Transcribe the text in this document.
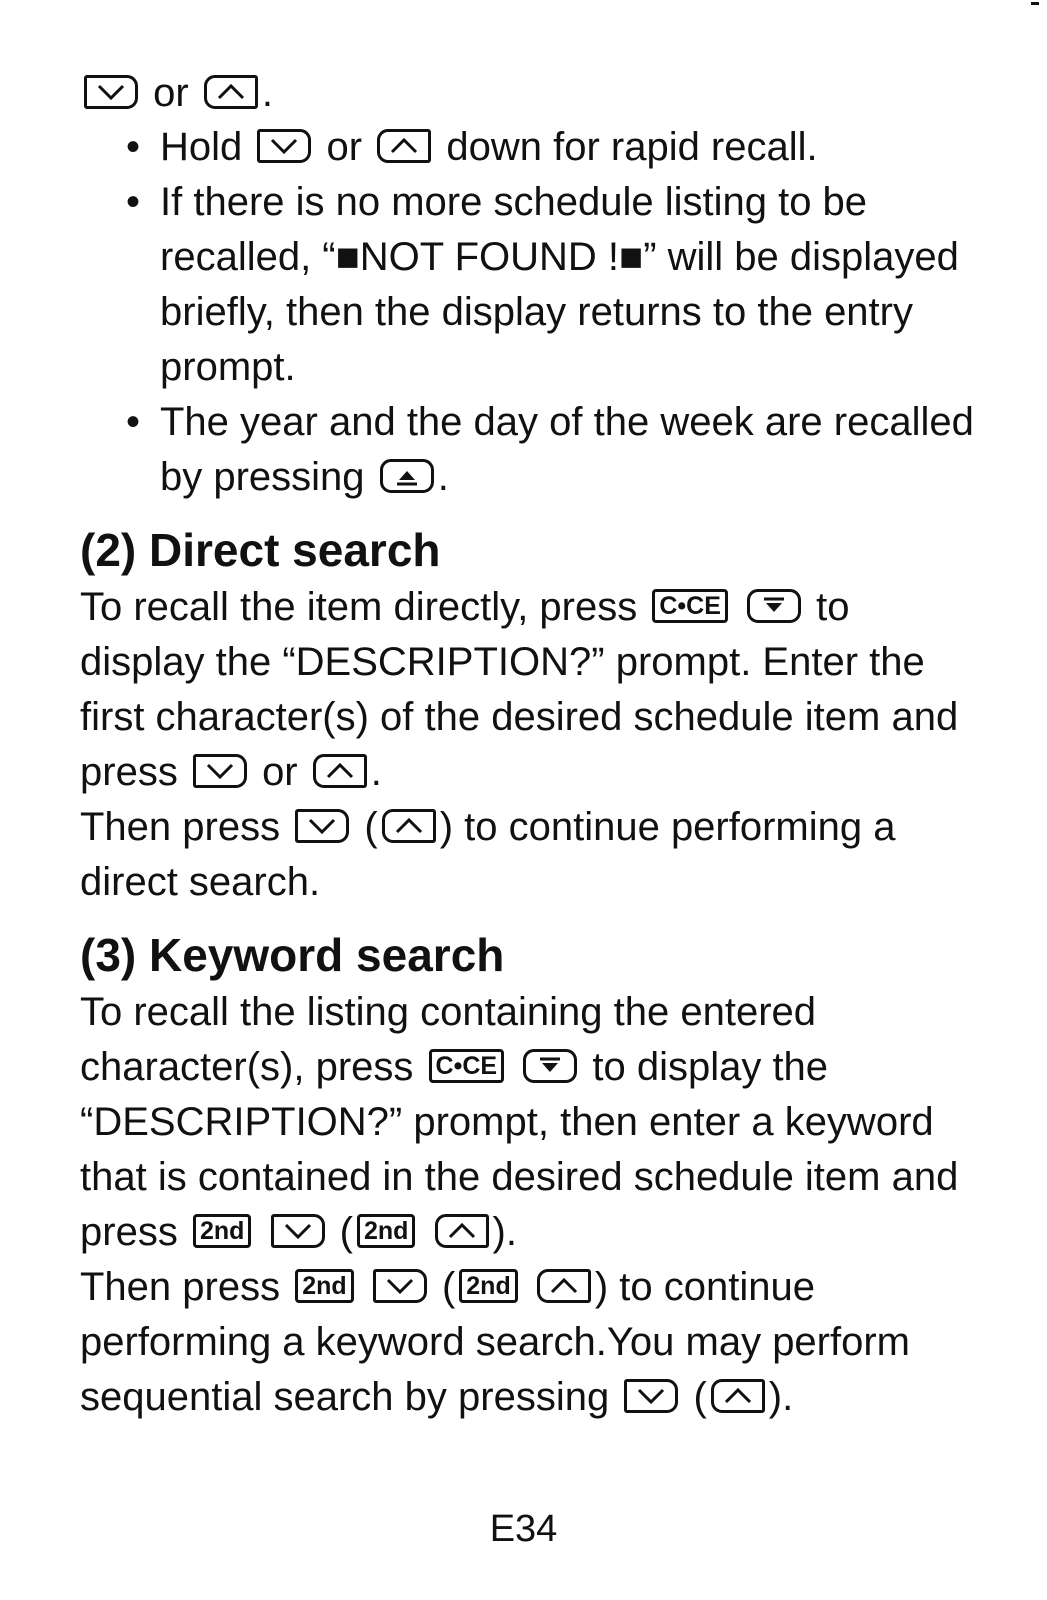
or .

• Hold or down for rapid recall.

• If there is no more schedule listing to be recalled, “■NOT FOUND !■” will be displayed briefly, then the display returns to the entry prompt.

• The year and the day of the week are recalled by pressing .

(2) Direct search

To recall the item directly, press C•CE to display the “DESCRIPTION?” prompt. Enter the first character(s) of the desired schedule item and press or .

Then press ( ) to continue performing a direct search.

(3) Keyword search

To recall the listing containing the entered character(s), press C•CE to display the “DESCRIPTION?” prompt, then enter a keyword that is contained in the desired schedule item and press 2nd ( 2nd ).

Then press 2nd ( 2nd ) to continue performing a keyword search.You may perform sequential search by pressing ( ).

E34
